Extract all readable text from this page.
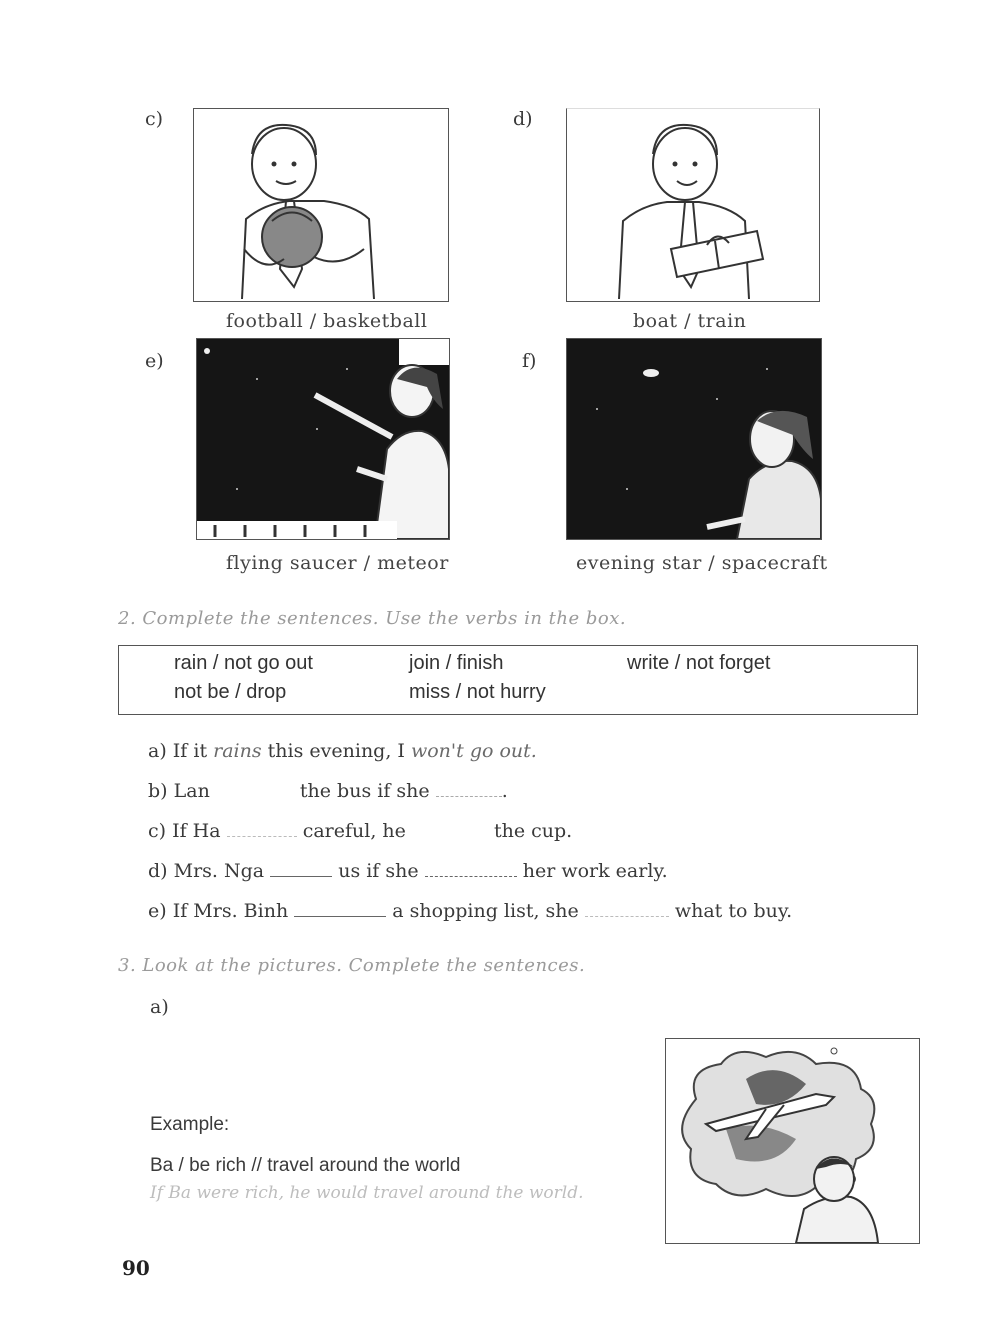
c)
football / basketball
d)
boat / train
e)
flying saucer / meteor
f)
evening star / spacecraft
2. Complete the sentences. Use the verbs in the box.
rain / not go out	join / finish	write / not forget
not be / drop	miss / not hurry
a) If it rains this evening, I won't go out.
b) Lan	the bus if she	.
c) If Ha	careful, he	the cup.
d) Mrs. Nga	us if she	her work early.
e) If Mrs. Binh	a shopping list, she	what to buy.
3. Look at the pictures. Complete the sentences.
a)
Example:
Ba / be rich // travel around the world
If Ba were rich, he would travel around the world.
90
